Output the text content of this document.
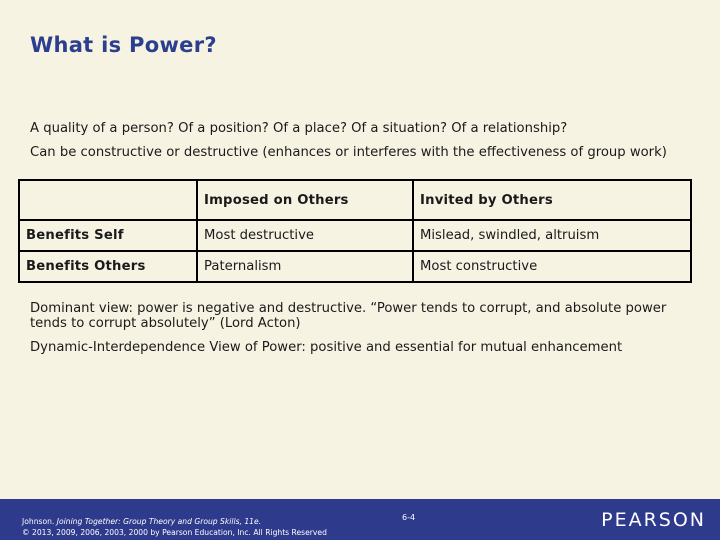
What is Power?
A quality of a person? Of a position? Of a place? Of a situation? Of a relationship?
Can be constructive or destructive (enhances or interferes with the effectiveness of group work)
	Imposed on Others	Invited by Others
Benefits Self	Most destructive	Mislead, swindled, altruism
Benefits Others	Paternalism	Most constructive
Dominant view: power is negative and destructive. “Power tends to corrupt, and absolute power tends to corrupt absolutely” (Lord Acton)
Dynamic-Interdependence View of Power: positive and essential for mutual enhancement
Johnson. Joining Together: Group Theory and Group Skills, 11e.
© 2013, 2009, 2006, 2003, 2000 by Pearson Education, Inc. All Rights Reserved
6-4	PEARSON
